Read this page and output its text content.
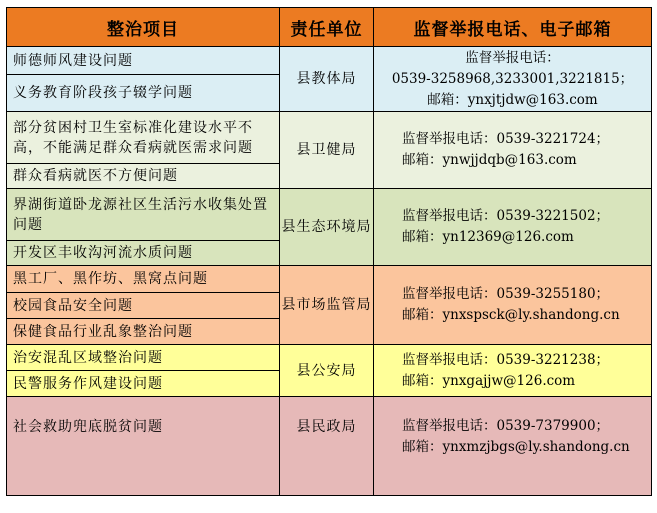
整治项目	责任单位	监督举报电话、电子邮箱
师德师风建设问题	县教体局	监督举报电话：
0539-3258968,3233001,3221815；
邮箱：ynxjtjdw@163.com

义务教育阶段孩子辍学问题		
部分贫困村卫生室标准化建设水平不高，不能满足群众看病就医需求问题	县卫健局	监督举报电话：0539-3221724；
邮箱：ynwjjdqb@163.com

群众看病就医不方便问题		
界湖街道卧龙源社区生活污水收集处置问题	县生态环境局	监督举报电话：0539-3221502；
邮箱：yn12369@126.com

开发区丰收沟河流水质问题		
黑工厂、黑作坊、黑窝点问题	县市场监管局	监督举报电话：0539-3255180；
邮箱：ynxspsck@ly.shandong.cn

校园食品安全问题		
保健食品行业乱象整治问题		
治安混乱区域整治问题	县公安局	监督举报电话：0539-3221238；
邮箱：ynxgajjw@126.com

民警服务作风建设问题		
社会救助兜底脱贫问题	县民政局	监督举报电话：0539-7379900；
邮箱：ynxmzjbgs@ly.shandong.cn
